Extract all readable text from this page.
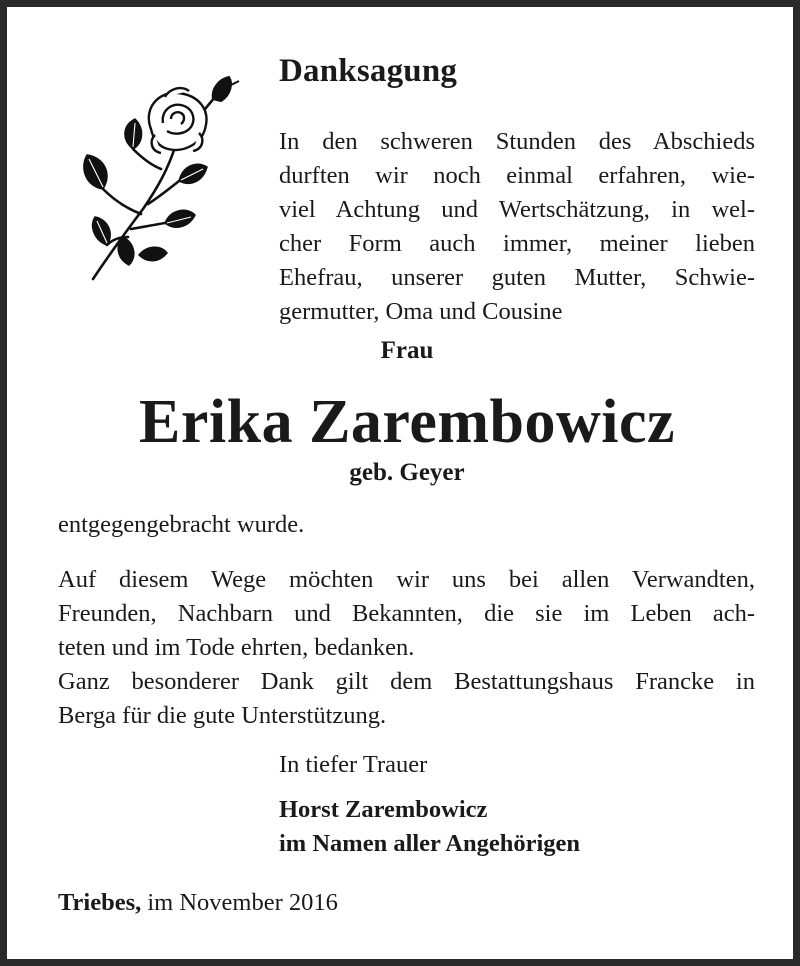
Danksagung

In den schweren Stunden des Abschieds
durften wir noch einmal erfahren, wie-
viel Achtung und Wertschätzung, in wel-
cher Form auch immer, meiner lieben
Ehefrau, unserer guten Mutter, Schwie-
germutter, Oma und Cousine

Frau
Erika Zarembowicz
geb. Geyer

entgegengebracht wurde.

Auf diesem Wege möchten wir uns bei allen Verwandten,
Freunden, Nachbarn und Bekannten, die sie im Leben ach-
teten und im Tode ehrten, bedanken.
Ganz besonderer Dank gilt dem Bestattungshaus Francke in
Berga für die gute Unterstützung.

In tiefer Trauer

Horst Zarembowicz
im Namen aller Angehörigen

Triebes, im November 2016
